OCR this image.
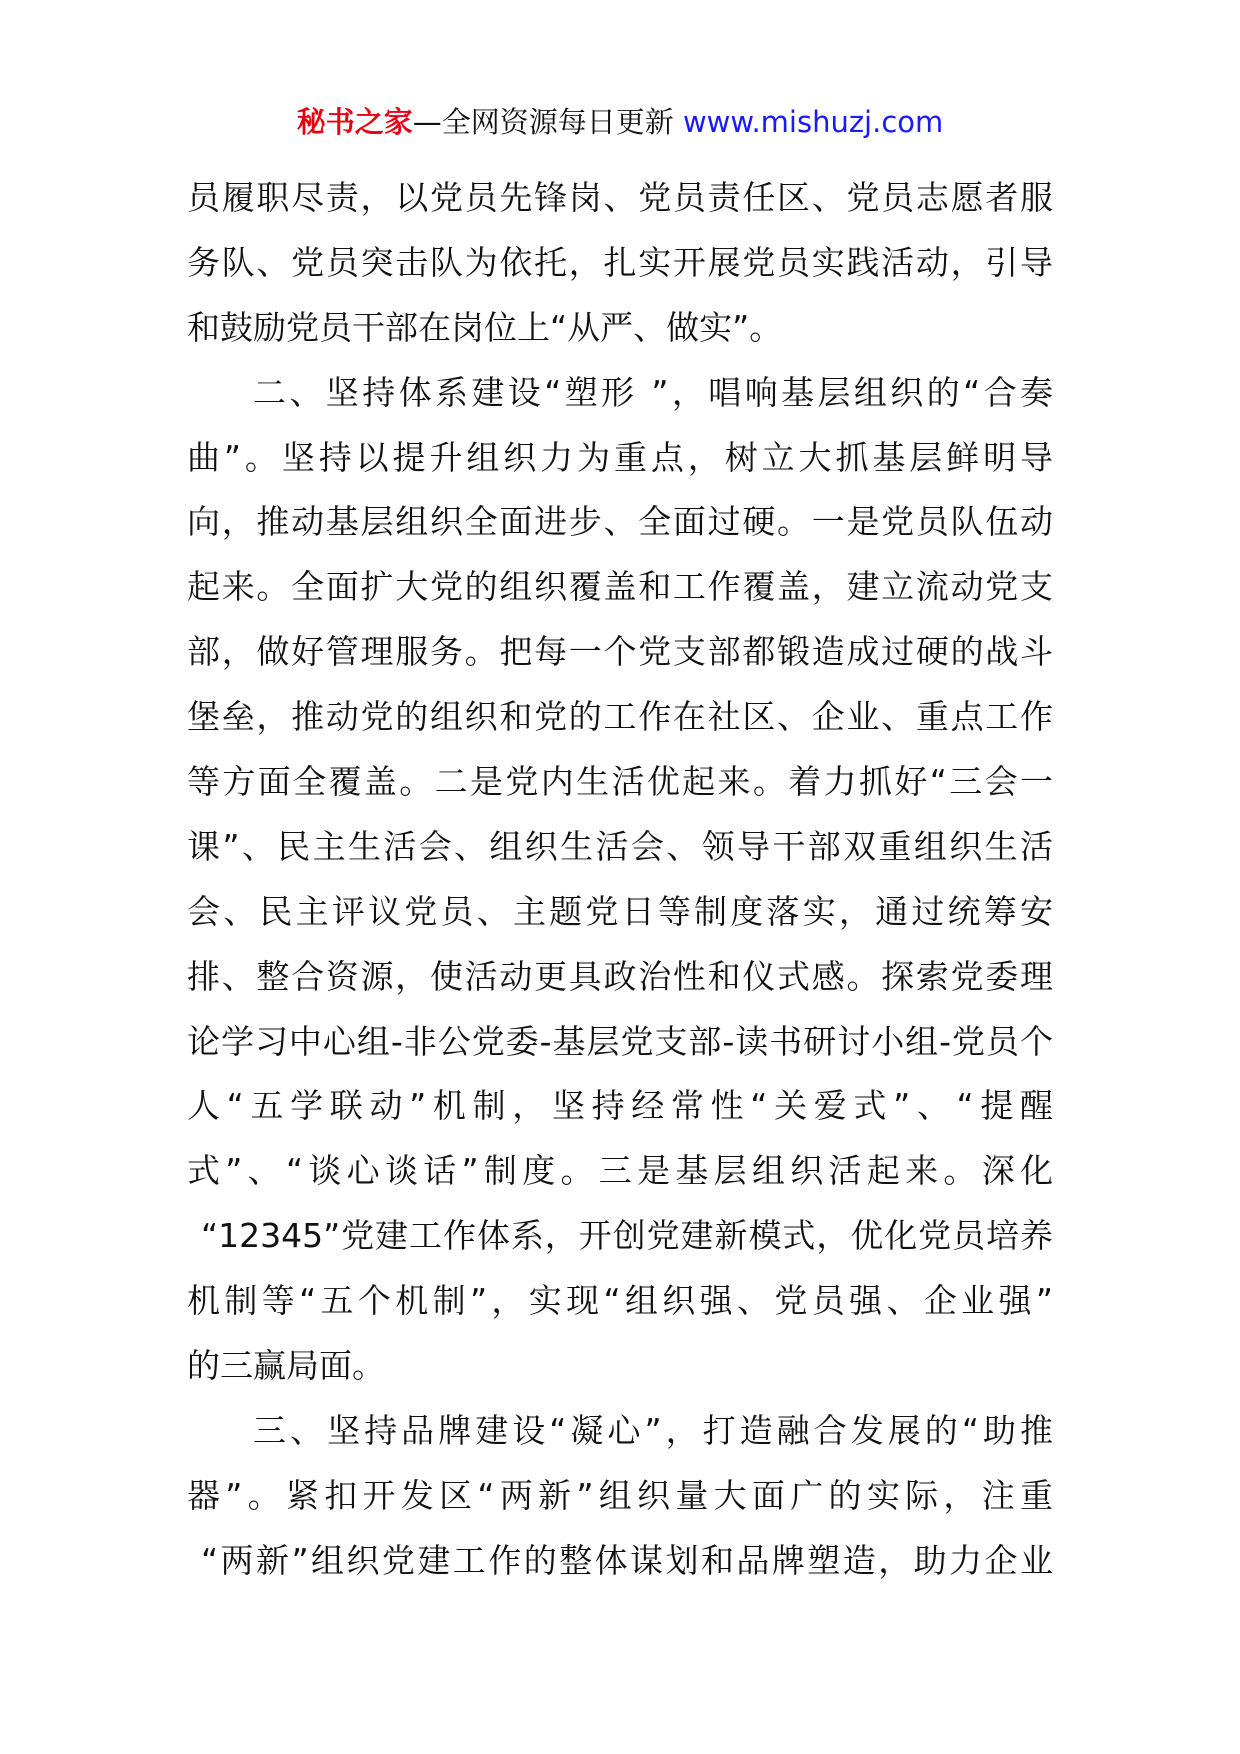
秘书之家—全网资源每日更新 www.mishuzj.com
员履职尽责，以党员先锋岗、党员责任区、党员志愿者服
务队、党员突击队为依托，扎实开展党员实践活动，引导
和鼓励党员干部在岗位上“从严、做实”。
二、坚持体系建设“塑形 ”，唱响基层组织的“合奏
曲”。坚持以提升组织力为重点，树立大抓基层鲜明导
向，推动基层组织全面进步、全面过硬。一是党员队伍动
起来。全面扩大党的组织覆盖和工作覆盖，建立流动党支
部，做好管理服务。把每一个党支部都锻造成过硬的战斗
堡垒，推动党的组织和党的工作在社区、企业、重点工作
等方面全覆盖。二是党内生活优起来。着力抓好“三会一
课”、民主生活会、组织生活会、领导干部双重组织生活
会、民主评议党员、主题党日等制度落实，通过统筹安
排、整合资源，使活动更具政治性和仪式感。探索党委理
论学习中心组-非公党委-基层党支部-读书研讨小组-党员个
人“五学联动”机制，坚持经常性“关爱式”、“提醒
式”、“谈心谈话”制度。三是基层组织活起来。深化
“12345”党建工作体系，开创党建新模式，优化党员培养
机制等“五个机制”，实现“组织强、党员强、企业强”
的三赢局面。
三、坚持品牌建设“凝心”，打造融合发展的“助推
器”。紧扣开发区“两新”组织量大面广的实际，注重
“两新”组织党建工作的整体谋划和品牌塑造，助力企业
